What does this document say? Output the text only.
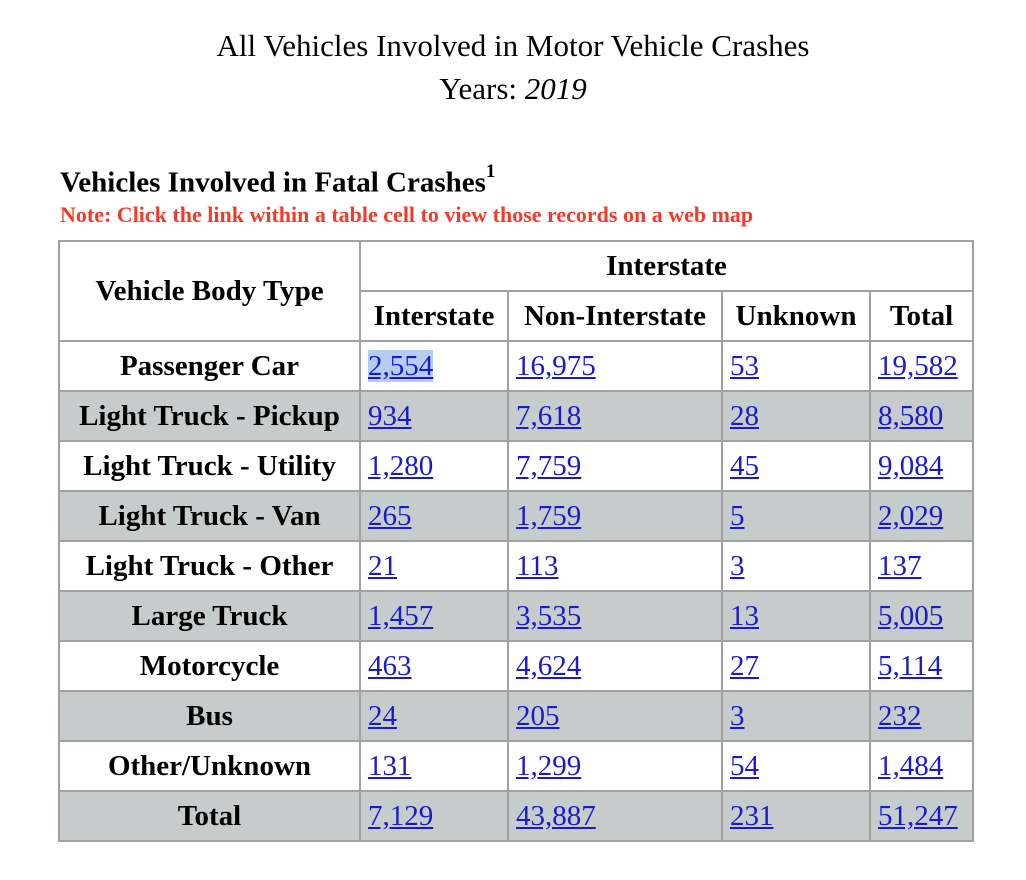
All Vehicles Involved in Motor Vehicle Crashes
Years: 2019
Vehicles Involved in Fatal Crashes$^1$
Note: Click the link within a table cell to view those records on a web map
Vehicle Body Type	Interstate			
	Interstate	Non-Interstate	Unknown	Total
Passenger Car	2,554	16,975	53	19,582
Light Truck - Pickup	934	7,618	28	8,580
Light Truck - Utility	1,280	7,759	45	9,084
Light Truck - Van	265	1,759	5	2,029
Light Truck - Other	21	113	3	137
Large Truck	1,457	3,535	13	5,005
Motorcycle	463	4,624	27	5,114
Bus	24	205	3	232
Other/Unknown	131	1,299	54	1,484
Total	7,129	43,887	231	51,247
